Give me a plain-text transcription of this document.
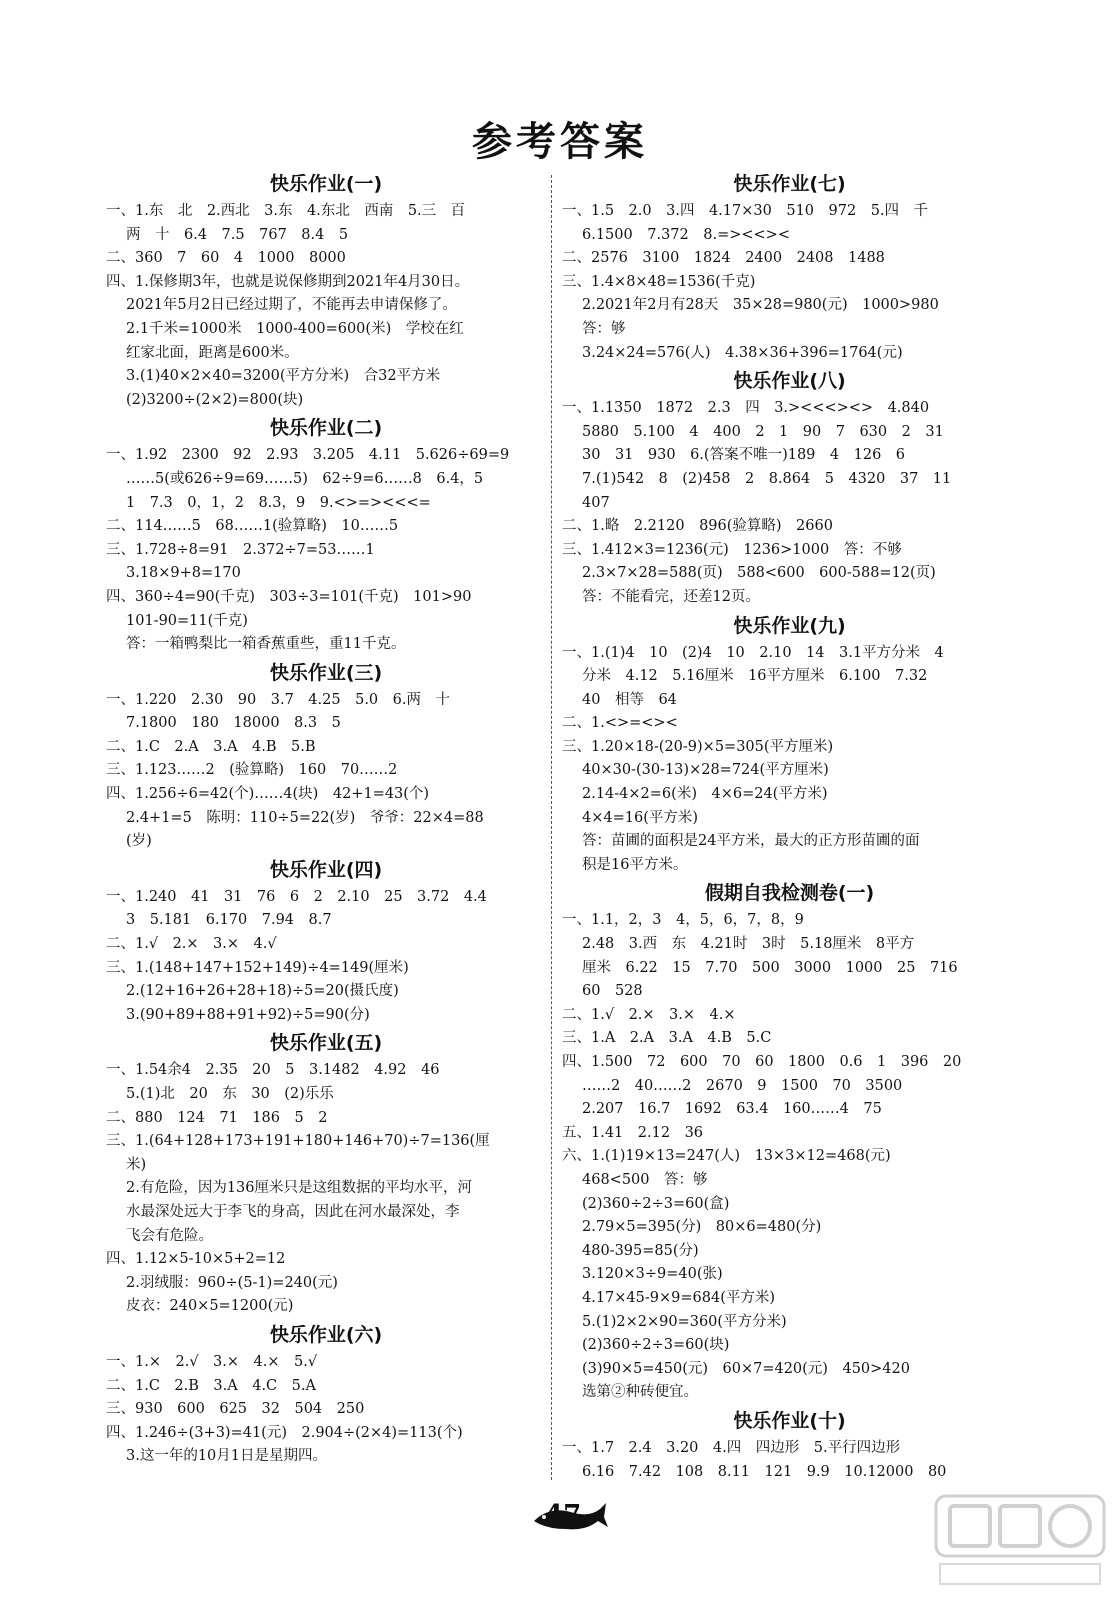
参考答案
快乐作业(一)
一、1.东　北　2.西北　3.东　4.东北　西南　5.三　百
两　十　6.4　7.5　767　8.4　5
二、360　7　60　4　1000　8000
四、1.保修期3年，也就是说保修期到2021年4月30日。
2021年5月2日已经过期了，不能再去申请保修了。
2.1千米=1000米　1000-400=600(米)　学校在红
红家北面，距离是600米。
3.(1)40×2×40=3200(平方分米)　合32平方米
(2)3200÷(2×2)=800(块)
快乐作业(二)
一、1.92　2300　92　2.93　3.205　4.11　5.626÷69=9
……5(或626÷9=69……5)　62÷9=6……8　6.4，5
1　7.3　0，1，2　8.3，9　9.<>=><<<=
二、114……5　68……1(验算略)　10……5
三、1.728÷8=91　2.372÷7=53……1
3.18×9+8=170
四、360÷4=90(千克)　303÷3=101(千克)　101>90
101-90=11(千克)
答：一箱鸭梨比一箱香蕉重些，重11千克。
快乐作业(三)
一、1.220　2.30　90　3.7　4.25　5.0　6.两　十
7.1800　180　18000　8.3　5
二、1.C　2.A　3.A　4.B　5.B
三、1.123……2　(验算略)　160　70……2
四、1.256÷6=42(个)……4(块)　42+1=43(个)
2.4+1=5　陈明：110÷5=22(岁)　爷爷：22×4=88
(岁)
快乐作业(四)
一、1.240　41　31　76　6　2　2.10　25　3.72　4.4
3　5.181　6.170　7.94　8.7
二、1.√　2.×　3.×　4.√
三、1.(148+147+152+149)÷4=149(厘米)
2.(12+16+26+28+18)÷5=20(摄氏度)
3.(90+89+88+91+92)÷5=90(分)
快乐作业(五)
一、1.54余4　2.35　20　5　3.1482　4.92　46
5.(1)北　20　东　30　(2)乐乐
二、880　124　71　186　5　2
三、1.(64+128+173+191+180+146+70)÷7=136(厘
米)
2.有危险，因为136厘米只是这组数据的平均水平，河
水最深处远大于李飞的身高，因此在河水最深处，李
飞会有危险。
四、1.12×5-10×5+2=12
2.羽绒服：960÷(5-1)=240(元)
皮衣：240×5=1200(元)
快乐作业(六)
一、1.×　2.√　3.×　4.×　5.√
二、1.C　2.B　3.A　4.C　5.A
三、930　600　625　32　504　250
四、1.246÷(3+3)=41(元)　2.904÷(2×4)=113(个)
3.这一年的10月1日是星期四。
快乐作业(七)
一、1.5　2.0　3.四　4.17×30　510　972　5.四　千
6.1500　7.372　8.=><<><
二、2576　3100　1824　2400　2408　1488
三、1.4×8×48=1536(千克)
2.2021年2月有28天　35×28=980(元)　1000>980
答：够
3.24×24=576(人)　4.38×36+396=1764(元)
快乐作业(八)
一、1.1350　1872　2.3　四　3.><<<><>　4.840
5880　5.100　4　400　2　1　90　7　630　2　31
30　31　930　6.(答案不唯一)189　4　126　6
7.(1)542　8　(2)458　2　8.864　5　4320　37　11
407
二、1.略　2.2120　896(验算略)　2660
三、1.412×3=1236(元)　1236>1000　答：不够
2.3×7×28=588(页)　588<600　600-588=12(页)
答：不能看完，还差12页。
快乐作业(九)
一、1.(1)4　10　(2)4　10　2.10　14　3.1平方分米　4
分米　4.12　5.16厘米　16平方厘米　6.100　7.32
40　相等　64
二、1.<>=<><
三、1.20×18-(20-9)×5=305(平方厘米)
40×30-(30-13)×28=724(平方厘米)
2.14-4×2=6(米)　4×6=24(平方米)
4×4=16(平方米)
答：苗圃的面积是24平方米，最大的正方形苗圃的面
积是16平方米。
假期自我检测卷(一)
一、1.1，2，3　4，5，6，7，8，9
2.48　3.西　东　4.21时　3时　5.18厘米　8平方
厘米　6.22　15　7.70　500　3000　1000　25　716
60　528
二、1.√　2.×　3.×　4.×
三、1.A　2.A　3.A　4.B　5.C
四、1.500　72　600　70　60　1800　0.6　1　396　20
……2　40……2　2670　9　1500　70　3500
2.207　16.7　1692　63.4　160……4　75
五、1.41　2.12　36
六、1.(1)19×13=247(人)　13×3×12=468(元)
468<500　答：够
(2)360÷2÷3=60(盒)
2.79×5=395(分)　80×6=480(分)
480-395=85(分)
3.120×3÷9=40(张)
4.17×45-9×9=684(平方米)
5.(1)2×2×90=360(平方分米)
(2)360÷2÷3=60(块)
(3)90×5=450(元)　60×7=420(元)　450>420
选第②种砖便宜。
快乐作业(十)
一、1.7　2.4　3.20　4.四　四边形　5.平行四边形
6.16　7.42　108　8.11　121　9.9　10.12000　80
47
